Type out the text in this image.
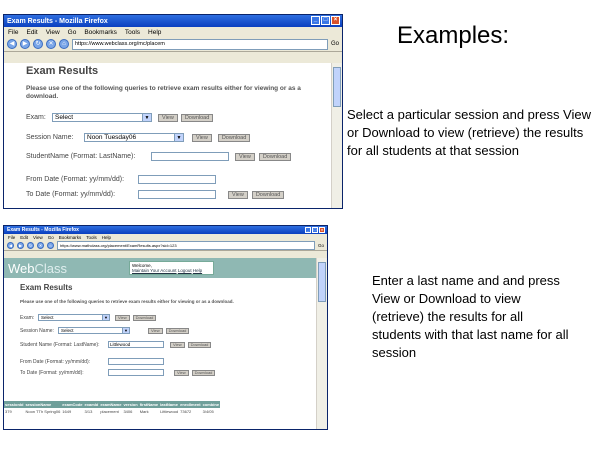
Exam Results - Mozilla Firefox	_	□	×
File Edit View Go Bookmarks Tools Help
◀	▶	↻	✕	⌂	https://www.webclass.org/mc/placem	Go
Exam Results
Please use one of the following queries to retrieve exam results either for viewing or as a download.
Exam:	Select	▼	View	Download
Session Name:	Noon Tuesday06	▼	View	Download
StudentName (Format: LastName):	View	Download
From Date (Format: yy/mm/dd):
To Date (Format: yy/mm/dd):	View	Download
Examples:
Select a particular session and press View or Download to view (retrieve) the results for all students at that session
Enter a last name and and press View or Download to view (retrieve) the results for all students with that last name for all session
Exam Results - Mozilla Firefox	_	□	×
File Edit View Go Bookmarks Tools Help
◀	▶	↻	✕	⌂	https://www.mathclass.org/placement/ExamResults.aspx?sid=123	Go
WebClass	Welcome,
Maintain Your Account Logout Help
Exam Results
Please use one of the following queries to retrieve exam results either for viewing or as a download.
Exam:	Select	▼	View	Download
Session Name:	Select	▼	View	Download
Student Name (Format: LastName):	Littlewood	View	Download
From Date (Format: yy/mm/dd):
To Date (Format: yy/mm/dd):	View	Download
sessionId	sessionName	examCode	examId	examName	version	firstName	lastName	enrollment	combine
379	Noon TTh Spring06	1649	3/13	placement	3406	Mark	Littlewood	73672	3/4/05
